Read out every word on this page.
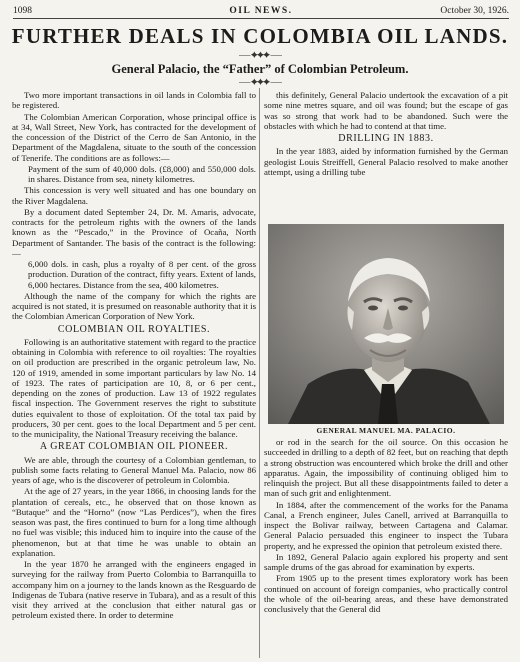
1098	OIL NEWS.	October 30, 1926.
FURTHER DEALS IN COLOMBIA OIL LANDS.
⎯⎯⎯ ✦✦✦ ⎯⎯⎯
General Palacio, the “Father” of Colombian Petroleum.
⎯⎯⎯ ✦✦✦ ⎯⎯⎯

Two more important transactions in oil lands in Colombia fall to be registered.

The Colombian American Corporation, whose principal office is at 34, Wall Street, New York, has contracted for the development of the concession of the District of the Cerro de San Antonio, in the Department of the Magdalena, situate to the south of the concession of Tenerife. The conditions are as follows:—

Payment of the sum of 40,000 dols. (£8,000) and 550,000 dols. in shares. Distance from sea, ninety kilometres.

This concession is very well situated and has one boundary on the River Magdalena.

By a document dated September 24, Dr. M. Amaris, advocate, contracts for the petroleum rights with the owners of the lands known as the “Pescado,” in the Province of Ocaña, North Department of Santander. The basis of the contract is the following:—

6,000 dols. in cash, plus a royalty of 8 per cent. of the gross production. Duration of the contract, fifty years. Extent of lands, 6,000 hectares. Distance from the sea, 400 kilometres.

Although the name of the company for which the rights are acquired is not stated, it is presumed on reasonable authority that it is the Colombian American Corporation of New York.

COLOMBIAN OIL ROYALTIES.

Following is an authoritative statement with regard to the practice obtaining in Colombia with reference to oil royalties: The royalties on oil production are prescribed in the organic petroleum law, No. 120 of 1919, amended in some important particulars by law No. 14 of 1923. The rates of participation are 10, 8, or 6 per cent., depending on the zones of production. Law 13 of 1922 regulates fiscal inspection. The Government reserves the right to substitute duties equivalent to those of exploitation. Of the total tax paid by producers, 30 per cent. goes to the local Department and 5 per cent. to the municipality, the National Treasury receiving the balance.

A GREAT COLOMBIAN OIL PIONEER.

We are able, through the courtesy of a Colombian gentleman, to publish some facts relating to General Manuel Ma. Palacio, now 86 years of age, who is the discoverer of petroleum in Colombia.

At the age of 27 years, in the year 1866, in choosing lands for the plantation of cereals, etc., he observed that on those known as “Butaque” and the “Horno” (now “Las Perdices”), when the fires season was past, the fires continued to burn for a long time although no fuel was visible; this induced him to inquire into the cause of the phenomenon, but at that time he was unable to obtain an explanation.

In the year 1870 he arranged with the engineers engaged in surveying for the railway from Puerto Colombia to Barranquilla to accompany him on a journey to the lands known as the Resguardo de Indigenas de Tubara (native reserve in Tubara), and as a result of this visit they arrived at the conclusion that either natural gas or petroleum existed there. In order to determine

this definitely, General Palacio undertook the excavation of a pit some nine metres square, and oil was found; but the escape of gas was so strong that work had to be abandoned. Such were the obstacles with which he had to contend at that time.

DRILLING IN 1883.

In the year 1883, aided by information furnished by the German geologist Louis Streiffell, General Palacio resolved to make another attempt, using a drilling tube

GENERAL MANUEL MA. PALACIO.

or rod in the search for the oil source. On this occasion he succeeded in drilling to a depth of 82 feet, but on reaching that depth a strong obstruction was encountered which broke the drill and other apparatus. Again, the impossibility of continuing obliged him to relinquish the project. But all these disappointments failed to deter a man of such grit and enlightenment.

In 1884, after the commencement of the works for the Panama Canal, a French engineer, Jules Canell, arrived at Barranquilla to inspect the Bolivar railway, between Cartagena and Calamar. General Palacio persuaded this engineer to inspect the Tubara property, and he expressed the opinion that petroleum existed there.

In 1892, General Palacio again explored his property and sent sample drums of the gas abroad for examination by experts.

From 1905 up to the present times exploratory work has been continued on account of foreign companies, who practically control the whole of the oil-bearing areas, and these have demonstrated conclusively that the General did
